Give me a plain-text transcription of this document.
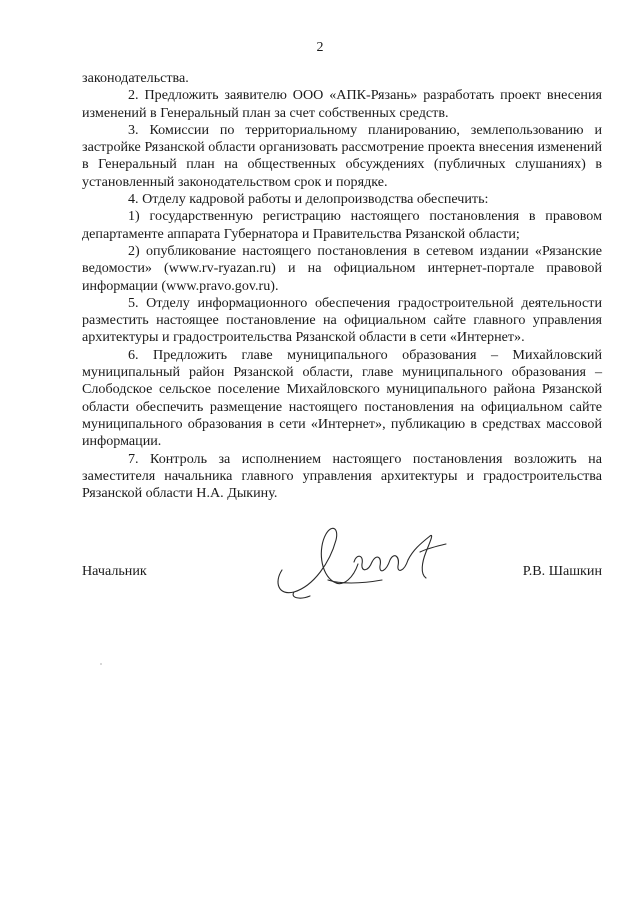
2

законодательства.

2. Предложить заявителю ООО «АПК-Рязань» разработать проект внесения изменений в Генеральный план за счет собственных средств.

3. Комиссии по территориальному планированию, землепользованию и застройке Рязанской области организовать рассмотрение проекта внесения изменений в Генеральный план на общественных обсуждениях (публичных слушаниях) в установленный законодательством срок и порядке.

4. Отделу кадровой работы и делопроизводства обеспечить:

1) государственную регистрацию настоящего постановления в правовом департаменте аппарата Губернатора и Правительства Рязанской области;

2) опубликование настоящего постановления в сетевом издании «Рязанские ведомости» (www.rv-ryazan.ru) и на официальном интернет-портале правовой информации (www.pravo.gov.ru).

5. Отделу информационного обеспечения градостроительной деятельности разместить настоящее постановление на официальном сайте главного управления архитектуры и градостроительства Рязанской области в сети «Интернет».

6. Предложить главе муниципального образования – Михайловский муниципальный район Рязанской области, главе муниципального образования – Слободское сельское поселение Михайловского муниципального района Рязанской области обеспечить размещение настоящего постановления на официальном сайте муниципального образования в сети «Интернет», публикацию в средствах массовой информации.

7. Контроль за исполнением настоящего постановления возложить на заместителя начальника главного управления архитектуры и градостроительства Рязанской области Н.А. Дыкину.

Начальник	Р.В. Шашкин
